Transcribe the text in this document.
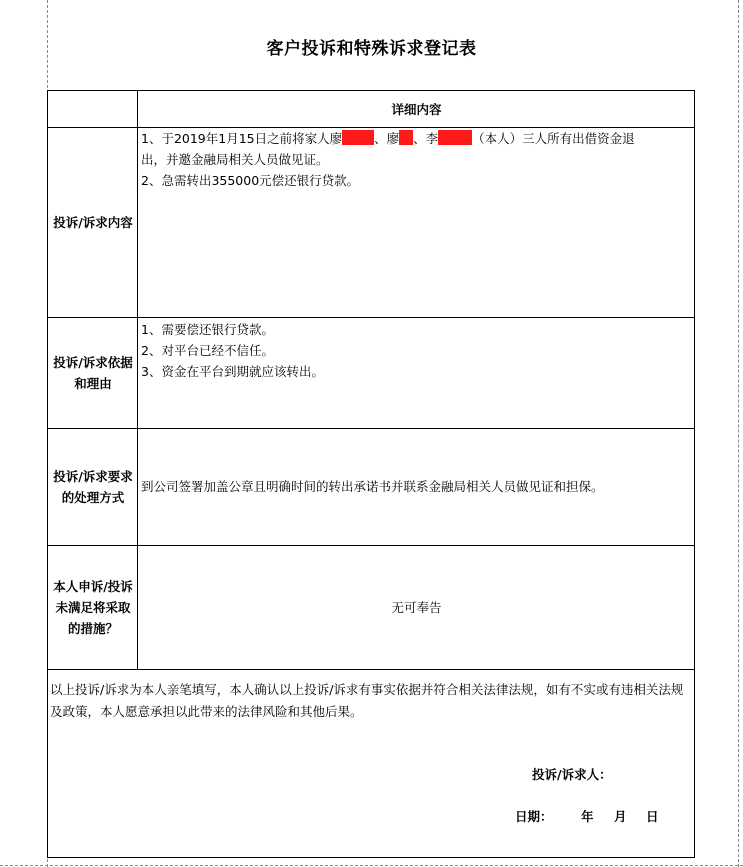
客户投诉和特殊诉求登记表
详细内容
投诉/诉求内容
1、于2019年1月15日之前将家人廖	、廖 、李	（本人）三人所有出借资金退
出，并邀金融局相关人员做见证。
2、急需转出355000元偿还银行贷款。
投诉/诉求依据和理由
1、需要偿还银行贷款。
2、对平台已经不信任。
3、资金在平台到期就应该转出。
投诉/诉求要求的处理方式
到公司签署加盖公章且明确时间的转出承诺书并联系金融局相关人员做见证和担保。
本人申诉/投诉未满足将采取的措施？
无可奉告
以上投诉/诉求为本人亲笔填写，本人确认以上投诉/诉求有事实依据并符合相关法律法规，如有不实或有违相关法规及政策，本人愿意承担以此带来的法律风险和其他后果。
投诉/诉求人：
日期： 年 月 日
